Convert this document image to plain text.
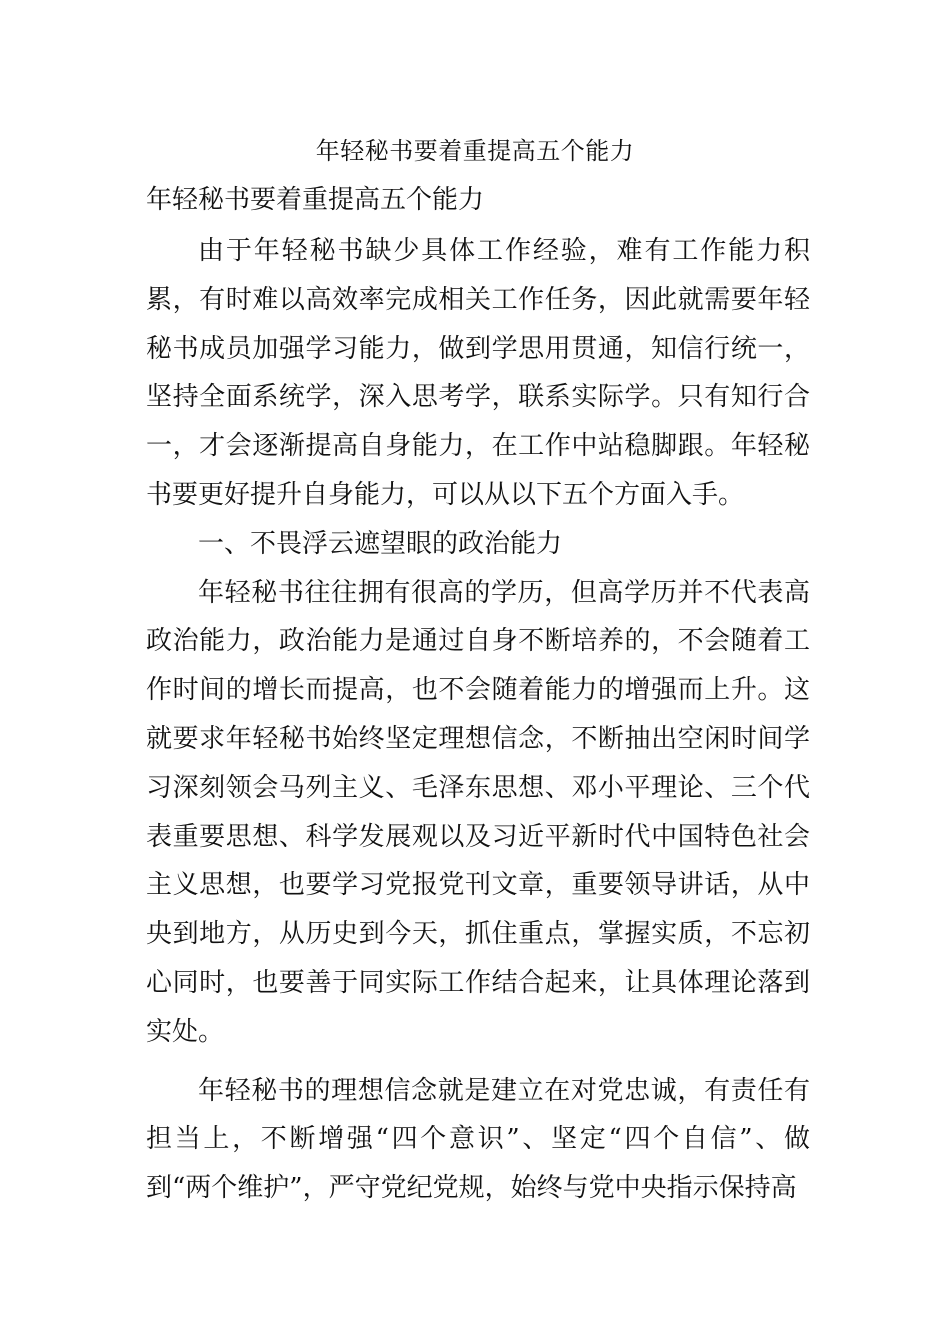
年轻秘书要着重提高五个能力
年轻秘书要着重提高五个能力

由于年轻秘书缺少具体工作经验，难有工作能力积累，有时难以高效率完成相关工作任务，因此就需要年轻秘书成员加强学习能力，做到学思用贯通，知信行统一，坚持全面系统学，深入思考学，联系实际学。只有知行合一，才会逐渐提高自身能力，在工作中站稳脚跟。年轻秘书要更好提升自身能力，可以从以下五个方面入手。

一、不畏浮云遮望眼的政治能力

年轻秘书往往拥有很高的学历，但高学历并不代表高政治能力，政治能力是通过自身不断培养的，不会随着工作时间的增长而提高，也不会随着能力的增强而上升。这就要求年轻秘书始终坚定理想信念，不断抽出空闲时间学习深刻领会马列主义、毛泽东思想、邓小平理论、三个代表重要思想、科学发展观以及习近平新时代中国特色社会主义思想，也要学习党报党刊文章，重要领导讲话，从中央到地方，从历史到今天，抓住重点，掌握实质，不忘初心同时，也要善于同实际工作结合起来，让具体理论落到实处。

年轻秘书的理想信念就是建立在对党忠诚，有责任有担当上，不断增强“四个意识”、坚定“四个自信”、做到“两个维护”，严守党纪党规，始终与党中央指示保持高
